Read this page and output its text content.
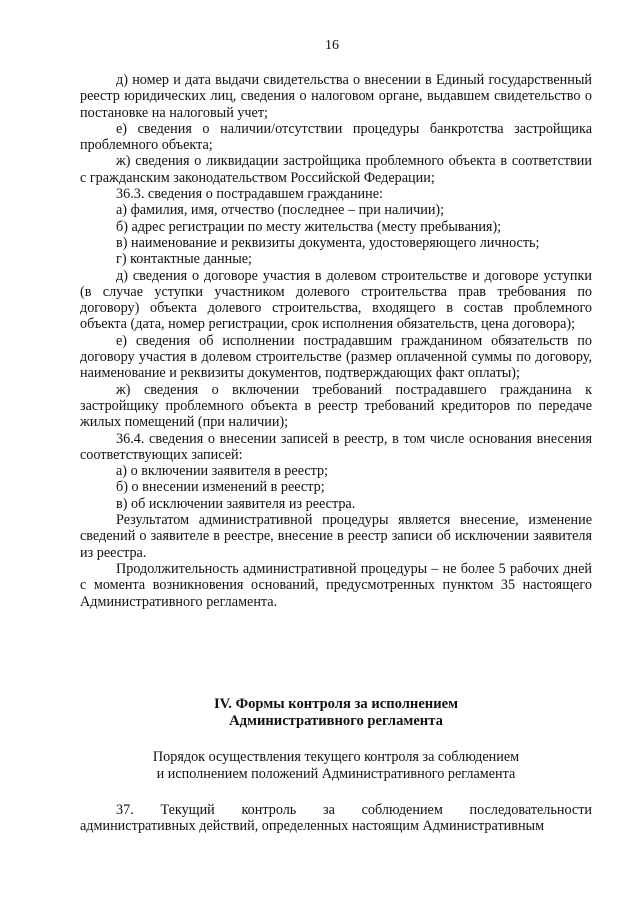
16

д) номер и дата выдачи свидетельства о внесении в Единый государственный реестр юридических лиц, сведения о налоговом органе, выдавшем свидетельство о постановке на налоговый учет;

е) сведения о наличии/отсутствии процедуры банкротства застройщика проблемного объекта;

ж) сведения о ликвидации застройщика проблемного объекта в соответствии с гражданским законодательством Российской Федерации;

36.3. сведения о пострадавшем гражданине:

а) фамилия, имя, отчество (последнее – при наличии);

б) адрес регистрации по месту жительства (месту пребывания);

в) наименование и реквизиты документа, удостоверяющего личность;

г) контактные данные;

д) сведения о договоре участия в долевом строительстве и договоре уступки (в случае уступки участником долевого строительства прав требования по договору) объекта долевого строительства, входящего в состав проблемного объекта (дата, номер регистрации, срок исполнения обязательств, цена договора);

е) сведения об исполнении пострадавшим гражданином обязательств по договору участия в долевом строительстве (размер оплаченной суммы по договору, наименование и реквизиты документов, подтверждающих факт оплаты);

ж) сведения о включении требований пострадавшего гражданина к застройщику проблемного объекта в реестр требований кредиторов по передаче жилых помещений (при наличии);

36.4. сведения о внесении записей в реестр, в том числе основания внесения соответствующих записей:

а) о включении заявителя в реестр;

б) о внесении изменений в реестр;

в) об исключении заявителя из реестра.

Результатом административной процедуры является внесение, изменение сведений о заявителе в реестре, внесение в реестр записи об исключении заявителя из реестра.

Продолжительность административной процедуры – не более 5 рабочих дней с момента возникновения оснований, предусмотренных пунктом 35 настоящего Административного регламента.

IV. Формы контроля за исполнением
Административного регламента
Порядок осуществления текущего контроля за соблюдением
и исполнением положений Административного регламента

37. Текущий контроль за соблюдением последовательности административных действий, определенных настоящим Административным
